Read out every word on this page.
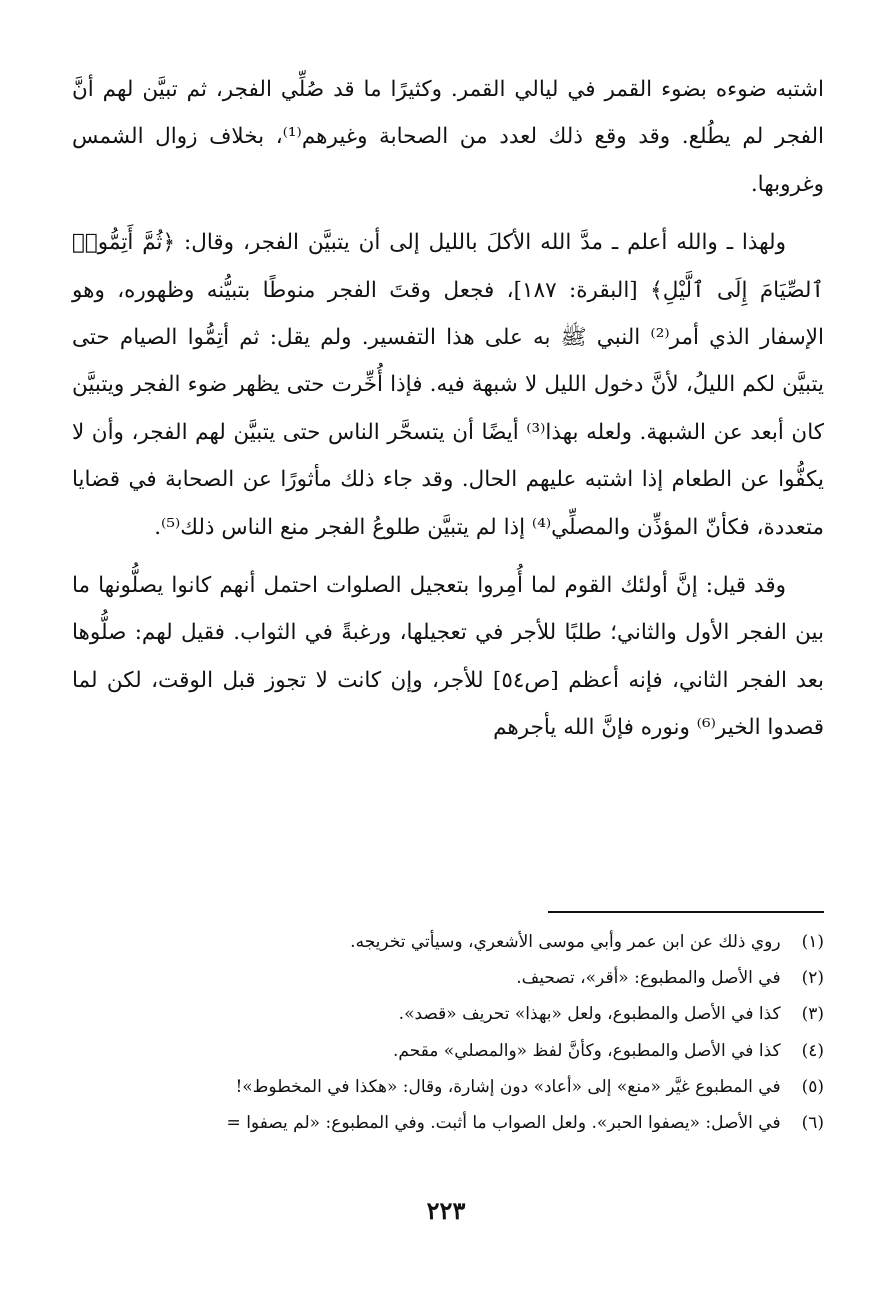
اشتبه ضوءه بضوء القمر في ليالي القمر. وكثيرًا ما قد صُلِّي الفجر، ثم تبيَّن لهم أنَّ الفجر لم يطُلع. وقد وقع ذلك لعدد من الصحابة وغيرهم⁽¹⁾، بخلاف زوال الشمس وغروبها.

ولهذا ـ والله أعلم ـ مدَّ الله الأكلَ بالليل إلى أن يتبيَّن الفجر، وقال: ﴿ثُمَّ أَتِمُّوا۟ ٱلصِّيَامَ إِلَى ٱلَّيْلِ﴾ [البقرة: ١٨٧]، فجعل وقتَ الفجر منوطًا بتبيُّنه وظهوره، وهو الإسفار الذي أمر⁽²⁾ النبي ﷺ به على هذا التفسير. ولم يقل: ثم أتِمُّوا الصيام حتى يتبيَّن لكم الليلُ، لأنَّ دخول الليل لا شبهة فيه. فإذا أُخِّرت حتى يظهر ضوء الفجر ويتبيَّن كان أبعد عن الشبهة. ولعله بهذا⁽³⁾ أيضًا أن يتسحَّر الناس حتى يتبيَّن لهم الفجر، وأن لا يكفُّوا عن الطعام إذا اشتبه عليهم الحال. وقد جاء ذلك مأثورًا عن الصحابة في قضايا متعددة، فكأنّ المؤذِّن والمصلِّي⁽⁴⁾ إذا لم يتبيَّن طلوعُ الفجر منع الناس ذلك⁽⁵⁾.

وقد قيل: إنَّ أولئك القوم لما أُمِروا بتعجيل الصلوات احتمل أنهم كانوا يصلُّونها ما بين الفجر الأول والثاني؛ طلبًا للأجر في تعجيلها، ورغبةً في الثواب. فقيل لهم: صلُّوها بعد الفجر الثاني، فإنه أعظم [ص٥٤] للأجر، وإن كانت لا تجوز قبل الوقت، لكن لما قصدوا الخير⁽⁶⁾ ونوره فإنَّ الله يأجرهم

(١) روي ذلك عن ابن عمر وأبي موسى الأشعري، وسيأتي تخريجه.
(٢) في الأصل والمطبوع: «أقر»، تصحيف.
(٣) كذا في الأصل والمطبوع، ولعل «بهذا» تحريف «قصد».
(٤) كذا في الأصل والمطبوع، وكأنَّ لفظ «والمصلي» مقحم.
(٥) في المطبوع غيَّر «منع» إلى «أعاد» دون إشارة، وقال: «هكذا في المخطوط»!
(٦) في الأصل: «يصفوا الحبر». ولعل الصواب ما أثبت. وفي المطبوع: «لم يصفوا =
٢٢٣
